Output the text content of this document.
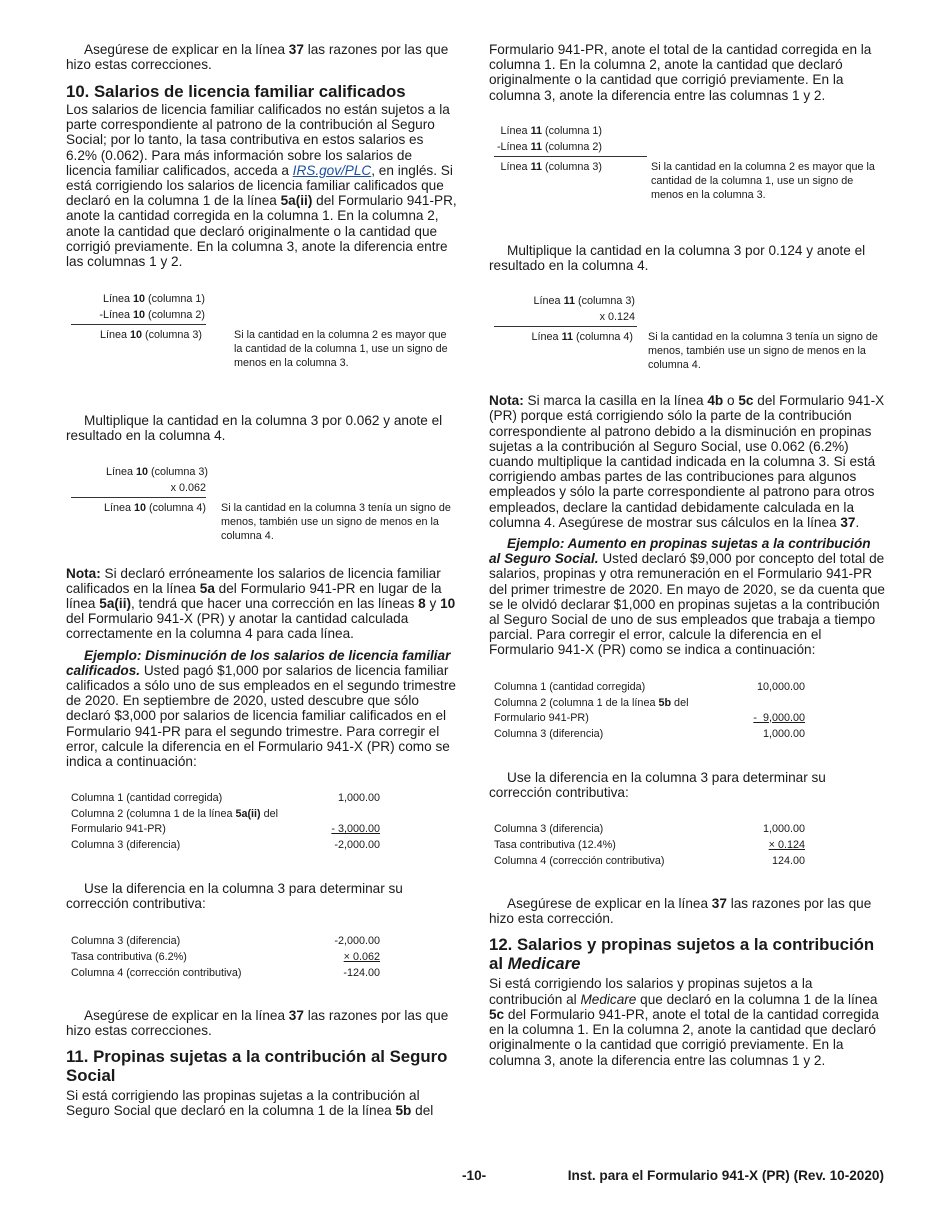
Asegúrese de explicar en la línea 37 las razones por las que hizo estas correcciones.

10. Salarios de licencia familiar calificados

Los salarios de licencia familiar calificados no están sujetos a la parte correspondiente al patrono de la contribución al Seguro Social; por lo tanto, la tasa contributiva en estos salarios es 6.2% (0.062). Para más información sobre los salarios de licencia familiar calificados, acceda a IRS.gov/PLC, en inglés. Si está corrigiendo los salarios de licencia familiar calificados que declaró en la columna 1 de la línea 5a(ii) del Formulario 941-PR, anote la cantidad corregida en la columna 1. En la columna 2, anote la cantidad que declaró originalmente o la cantidad que corrigió previamente. En la columna 3, anote la diferencia entre las columnas 1 y 2.

Línea 10 (columna 1)
-Línea 10 (columna 2)
Línea 10 (columna 3)	Si la cantidad en la columna 2 es mayor que la cantidad de la columna 1, use un signo de menos en la columna 3.

Multiplique la cantidad en la columna 3 por 0.062 y anote el resultado en la columna 4.

Línea 10 (columna 3)
x 0.062
Línea 10 (columna 4) Si la cantidad en la columna 3 tenía un signo de menos, también use un signo de menos en la columna 4.

Nota: Si declaró erróneamente los salarios de licencia familiar calificados en la línea 5a del Formulario 941-PR en lugar de la línea 5a(ii), tendrá que hacer una corrección en las líneas 8 y 10 del Formulario 941-X (PR) y anotar la cantidad calculada correctamente en la columna 4 para cada línea.

Ejemplo: Disminución de los salarios de licencia familiar calificados. Usted pagó $1,000 por salarios de licencia familiar calificados a sólo uno de sus empleados en el segundo trimestre de 2020. En septiembre de 2020, usted descubre que sólo declaró $3,000 por salarios de licencia familiar calificados en el Formulario 941-PR para el segundo trimestre. Para corregir el error, calcule la diferencia en el Formulario 941-X (PR) como se indica a continuación:

Columna 1 (cantidad corregida)	1,000.00
Columna 2 (columna 1 de la línea 5a(ii) del
Formulario 941-PR)	- 3,000.00
Columna 3 (diferencia)	-2,000.00

Use la diferencia en la columna 3 para determinar su corrección contributiva:

Columna 3 (diferencia)	-2,000.00
Tasa contributiva (6.2%)	× 0.062
Columna 4 (corrección contributiva)	-124.00

Asegúrese de explicar en la línea 37 las razones por las que hizo estas correcciones.

11. Propinas sujetas a la contribución al Seguro Social

Si está corrigiendo las propinas sujetas a la contribución al Seguro Social que declaró en la columna 1 de la línea 5b del

Formulario 941-PR, anote el total de la cantidad corregida en la columna 1. En la columna 2, anote la cantidad que declaró originalmente o la cantidad que corrigió previamente. En la columna 3, anote la diferencia entre las columnas 1 y 2.

Línea 11 (columna 1)
-Línea 11 (columna 2)
Línea 11 (columna 3)	Si la cantidad en la columna 2 es mayor que la cantidad de la columna 1, use un signo de menos en la columna 3.

Multiplique la cantidad en la columna 3 por 0.124 y anote el resultado en la columna 4.

Línea 11 (columna 3)
x 0.124
Línea 11 (columna 4) Si la cantidad en la columna 3 tenía un signo de menos, también use un signo de menos en la columna 4.

Nota: Si marca la casilla en la línea 4b o 5c del Formulario 941-X (PR) porque está corrigiendo sólo la parte de la contribución correspondiente al patrono debido a la disminución en propinas sujetas a la contribución al Seguro Social, use 0.062 (6.2%) cuando multiplique la cantidad indicada en la columna 3. Si está corrigiendo ambas partes de las contribuciones para algunos empleados y sólo la parte correspondiente al patrono para otros empleados, declare la cantidad debidamente calculada en la columna 4. Asegúrese de mostrar sus cálculos en la línea 37.

Ejemplo: Aumento en propinas sujetas a la contribución al Seguro Social. Usted declaró $9,000 por concepto del total de salarios, propinas y otra remuneración en el Formulario 941-PR del primer trimestre de 2020. En mayo de 2020, se da cuenta que se le olvidó declarar $1,000 en propinas sujetas a la contribución al Seguro Social de uno de sus empleados que trabaja a tiempo parcial. Para corregir el error, calcule la diferencia en el Formulario 941-X (PR) como se indica a continuación:

Columna 1 (cantidad corregida)	10,000.00
Columna 2 (columna 1 de la línea 5b del
Formulario 941-PR)	- 9,000.00
Columna 3 (diferencia)	1,000.00

Use la diferencia en la columna 3 para determinar su corrección contributiva:

Columna 3 (diferencia)	1,000.00
Tasa contributiva (12.4%)	× 0.124
Columna 4 (corrección contributiva)	124.00

Asegúrese de explicar en la línea 37 las razones por las que hizo esta corrección.

12. Salarios y propinas sujetos a la contribución al Medicare

Si está corrigiendo los salarios y propinas sujetos a la contribución al Medicare que declaró en la columna 1 de la línea 5c del Formulario 941-PR, anote el total de la cantidad corregida en la columna 1. En la columna 2, anote la cantidad que declaró originalmente o la cantidad que corrigió previamente. En la columna 3, anote la diferencia entre las columnas 1 y 2.

-10-	Inst. para el Formulario 941-X (PR) (Rev. 10-2020)
